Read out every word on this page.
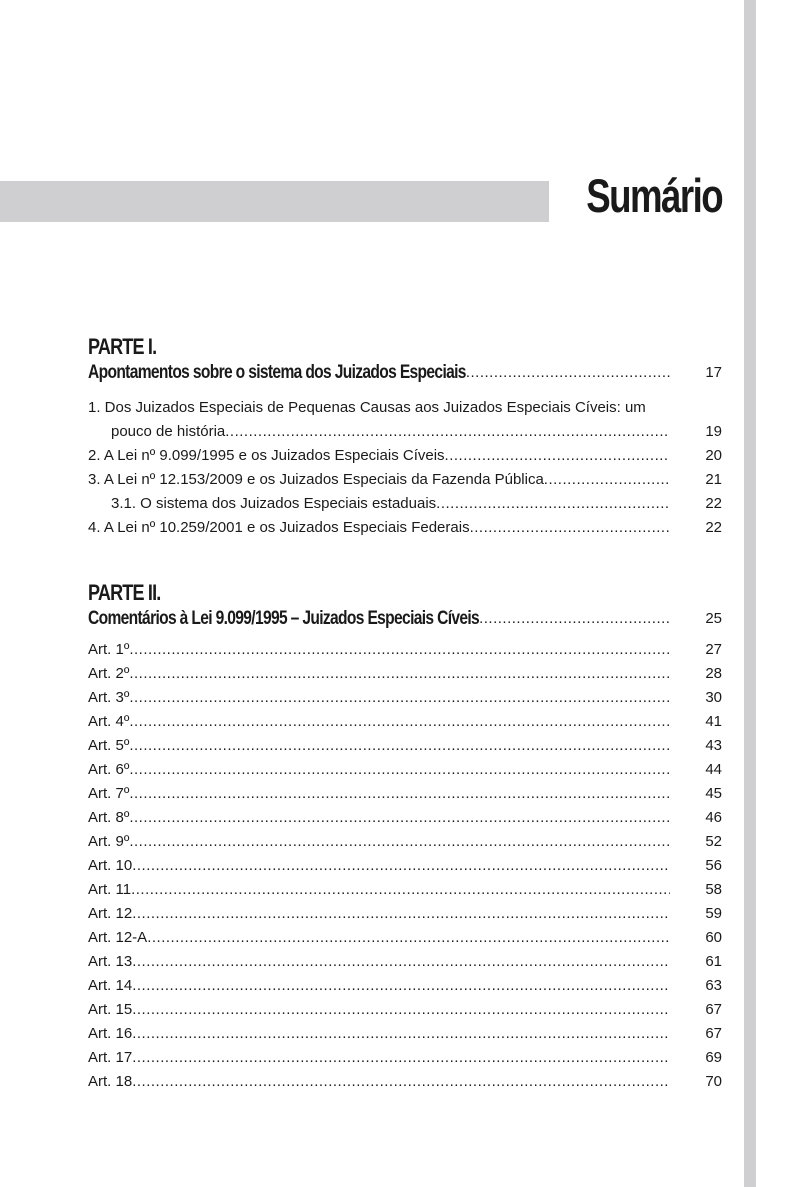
Sumário
PARTE I.
Apontamentos sobre o sistema dos Juizados Especiais .....	17
1. Dos Juizados Especiais de Pequenas Causas aos Juizados Especiais Cíveis: um
pouco de história .....	19
2. A Lei nº 9.099/1995 e os Juizados Especiais Cíveis .....	20
3. A Lei nº 12.153/2009 e os Juizados Especiais da Fazenda Pública .....	21
3.1. O sistema dos Juizados Especiais estaduais .....	22
4. A Lei nº 10.259/2001 e os Juizados Especiais Federais .....	22
PARTE II.
Comentários à Lei 9.099/1995 – Juizados Especiais Cíveis .....	25
Art. 1º .....	27
Art. 2º .....	28
Art. 3º .....	30
Art. 4º .....	41
Art. 5º .....	43
Art. 6º .....	44
Art. 7º .....	45
Art. 8º .....	46
Art. 9º .....	52
Art. 10 .....	56
Art. 11 .....	58
Art. 12 .....	59
Art. 12-A .....	60
Art. 13 .....	61
Art. 14 .....	63
Art. 15 .....	67
Art. 16 .....	67
Art. 17 .....	69
Art. 18 .....	70
